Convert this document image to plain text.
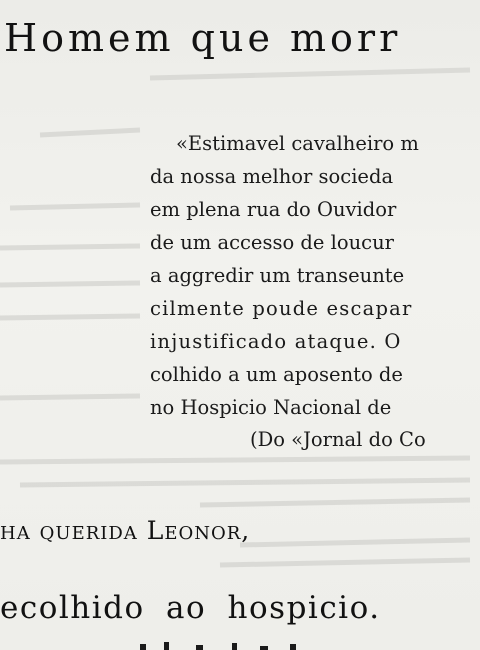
Homem que morr
«Estimavel cavalheiro m
da nossa melhor socieda
em plena rua do Ouvidor
de um accesso de loucur
a aggredir um transeunte
cilmente poude escapar
injustificado ataque. O
colhido a um aposento de
no Hospicio Nacional de
(Do «Jornal do Co
ha querida Leonor,
ecolhido ao hospicio.
